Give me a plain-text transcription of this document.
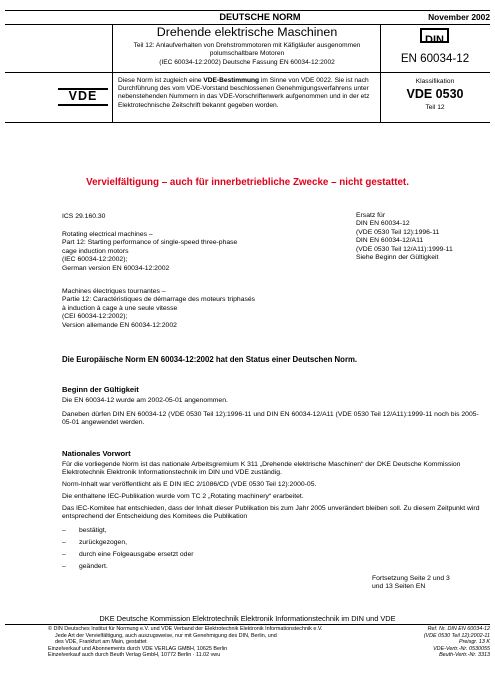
DEUTSCHE NORM	November 2002
Drehende elektrische Maschinen
Teil 12: Anlaufverhalten von Drehstrommotoren mit Käfigläufer ausgenommen polumschaltbare Motoren
(IEC 60034-12:2002) Deutsche Fassung EN 60034-12:2002
DIN
EN 60034-12
VDE
Diese Norm ist zugleich eine VDE-Bestimmung im Sinne von VDE 0022. Sie ist nach Durchführung des vom VDE-Vorstand beschlossenen Genehmigungsverfahrens unter nebenstehenden Nummern in das VDE-Vorschriftenwerk aufgenommen und in der etz Elektrotechnische Zeitschrift bekannt gegeben worden.
Klassifikation
VDE 0530
Teil 12
Vervielfältigung – auch für innerbetriebliche Zwecke – nicht gestattet.
ICS 29.160.30
Rotating electrical machines –
Part 12: Starting performance of single-speed three-phase
cage induction motors
(IEC 60034-12:2002);
German version EN 60034-12:2002
Machines électriques tournantes –
Partie 12: Caractéristiques de démarrage des moteurs triphasés
à induction à cage à une seule vitesse
(CEI 60034-12:2002);
Version allemande EN 60034-12:2002
Ersatz für
DIN EN 60034-12
(VDE 0530 Teil 12):1996-11
DIN EN 60034-12/A11
(VDE 0530 Teil 12/A11):1999-11
Siehe Beginn der Gültigkeit
Die Europäische Norm EN 60034-12:2002 hat den Status einer Deutschen Norm.
Beginn der Gültigkeit
Die EN 60034-12 wurde am 2002-05-01 angenommen.
Daneben dürfen DIN EN 60034-12 (VDE 0530 Teil 12):1996-11 und DIN EN 60034-12/A11 (VDE 0530 Teil 12/A11):1999-11 noch bis 2005-05-01 angewendet werden.
Nationales Vorwort
Für die vorliegende Norm ist das nationale Arbeitsgremium K 311 „Drehende elektrische Maschinen“ der DKE Deutsche Kommission Elektrotechnik Elektronik Informationstechnik im DIN und VDE zuständig.
Norm-Inhalt war veröffentlicht als E DIN IEC 2/1086/CD (VDE 0530 Teil 12):2000-05.
Die enthaltene IEC-Publikation wurde vom TC 2 „Rotating machinery“ erarbeitet.
Das IEC-Komitee hat entschieden, dass der Inhalt dieser Publikation bis zum Jahr 2005 unverändert bleiben soll. Zu diesem Zeitpunkt wird entsprechend der Entscheidung des Komitees die Publikation
– bestätigt,
– zurückgezogen,
– durch eine Folgeausgabe ersetzt oder
– geändert.
Fortsetzung Seite 2 und 3
und 13 Seiten EN
DKE Deutsche Kommission Elektrotechnik Elektronik Informationstechnik im DIN und VDE
© DIN Deutsches Institut für Normung e.V. und VDE Verband der Elektrotechnik Elektronik Informationstechnik e.V.
Jede Art der Vervielfältigung, auch auszugsweise, nur mit Genehmigung des DIN, Berlin, und
des VDE, Frankfurt am Main, gestattet
Einzelverkauf und Abonnements durch VDE VERLAG GMBH, 10625 Berlin
Einzelverkauf auch durch Beuth Verlag GmbH, 10772 Berlin · 11.02 vwu
Ref. Nr. DIN EN 60034-12
(VDE 0530 Teil 12):2002-11
Preisgr. 13 K
VDE-Vertr.-Nr. 0530055
Beuth-Vertr.-Nr. 3313
